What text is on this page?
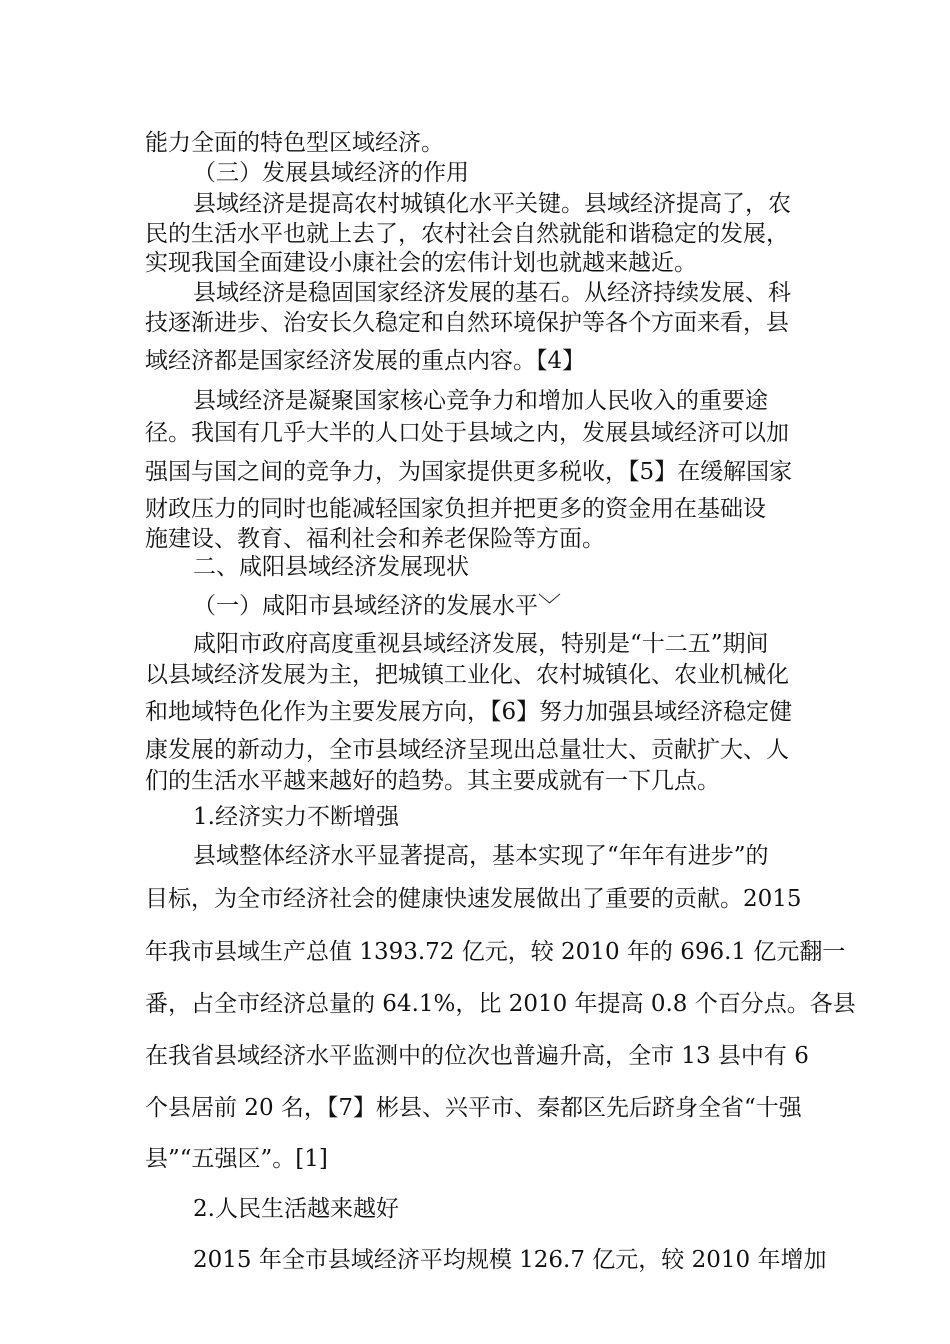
能力全面的特色型区域经济。
（三）发展县域经济的作用
县域经济是提高农村城镇化水平关键。县域经济提高了，农
民的生活水平也就上去了，农村社会自然就能和谐稳定的发展，
实现我国全面建设小康社会的宏伟计划也就越来越近。
县域经济是稳固国家经济发展的基石。从经济持续发展、科
技逐渐进步、治安长久稳定和自然环境保护等各个方面来看，县
域经济都是国家经济发展的重点内容。【4】
县域经济是凝聚国家核心竞争力和增加人民收入的重要途
径。我国有几乎大半的人口处于县域之内，发展县域经济可以加
强国与国之间的竞争力，为国家提供更多税收，【5】在缓解国家
财政压力的同时也能减轻国家负担并把更多的资金用在基础设
施建设、教育、福利社会和养老保险等方面。
二、咸阳县域经济发展现状
（一）咸阳市县域经济的发展水平﹀
咸阳市政府高度重视县域经济发展，特别是“十二五”期间
以县域经济发展为主，把城镇工业化、农村城镇化、农业机械化
和地域特色化作为主要发展方向，【6】努力加强县域经济稳定健
康发展的新动力，全市县域经济呈现出总量壮大、贡献扩大、人
们的生活水平越来越好的趋势。其主要成就有一下几点。
1.经济实力不断增强
县域整体经济水平显著提高，基本实现了“年年有进步”的
目标，为全市经济社会的健康快速发展做出了重要的贡献。2015
年我市县域生产总值 1393.72 亿元，较 2010 年的 696.1 亿元翻一
番，占全市经济总量的 64.1%，比 2010 年提高 0.8 个百分点。各县
在我省县域经济水平监测中的位次也普遍升高，全市 13 县中有 6
个县居前 20 名，【7】彬县、兴平市、秦都区先后跻身全省“十强
县”“五强区”。[1]
2.人民生活越来越好
2015 年全市县域经济平均规模 126.7 亿元，较 2010 年增加
